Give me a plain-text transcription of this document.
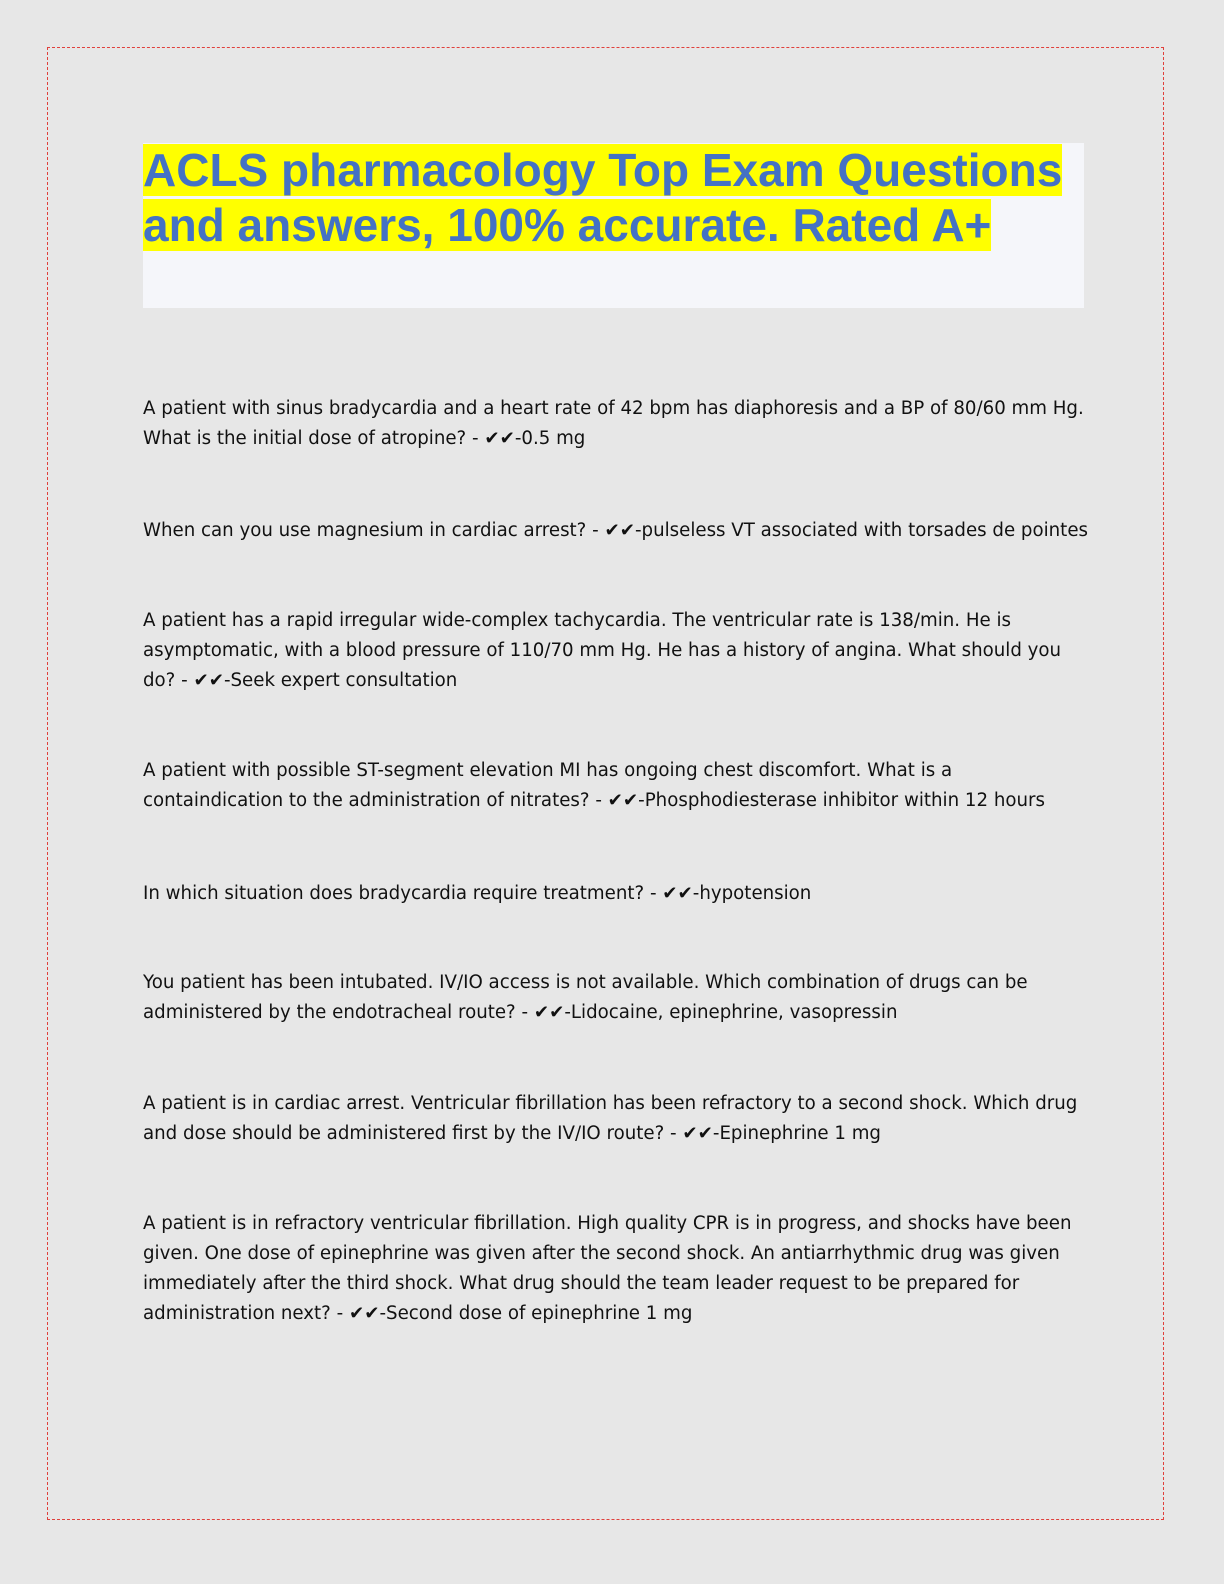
ACLS pharmacology Top Exam Questions and answers, 100% accurate. Rated A+

A patient with sinus bradycardia and a heart rate of 42 bpm has diaphoresis and a BP of 80/60 mm Hg. What is the initial dose of atropine? - ✔✔-0.5 mg

When can you use magnesium in cardiac arrest? - ✔✔-pulseless VT associated with torsades de pointes

A patient has a rapid irregular wide-complex tachycardia. The ventricular rate is 138/min. He is asymptomatic, with a blood pressure of 110/70 mm Hg. He has a history of angina. What should you do? - ✔✔-Seek expert consultation

A patient with possible ST-segment elevation MI has ongoing chest discomfort. What is a containdication to the administration of nitrates? - ✔✔-Phosphodiesterase inhibitor within 12 hours

In which situation does bradycardia require treatment? - ✔✔-hypotension

You patient has been intubated. IV/IO access is not available. Which combination of drugs can be administered by the endotracheal route? - ✔✔-Lidocaine, epinephrine, vasopressin

A patient is in cardiac arrest. Ventricular fibrillation has been refractory to a second shock. Which drug and dose should be administered first by the IV/IO route? - ✔✔-Epinephrine 1 mg

A patient is in refractory ventricular fibrillation. High quality CPR is in progress, and shocks have been given. One dose of epinephrine was given after the second shock. An antiarrhythmic drug was given immediately after the third shock. What drug should the team leader request to be prepared for administration next? - ✔✔-Second dose of epinephrine 1 mg
